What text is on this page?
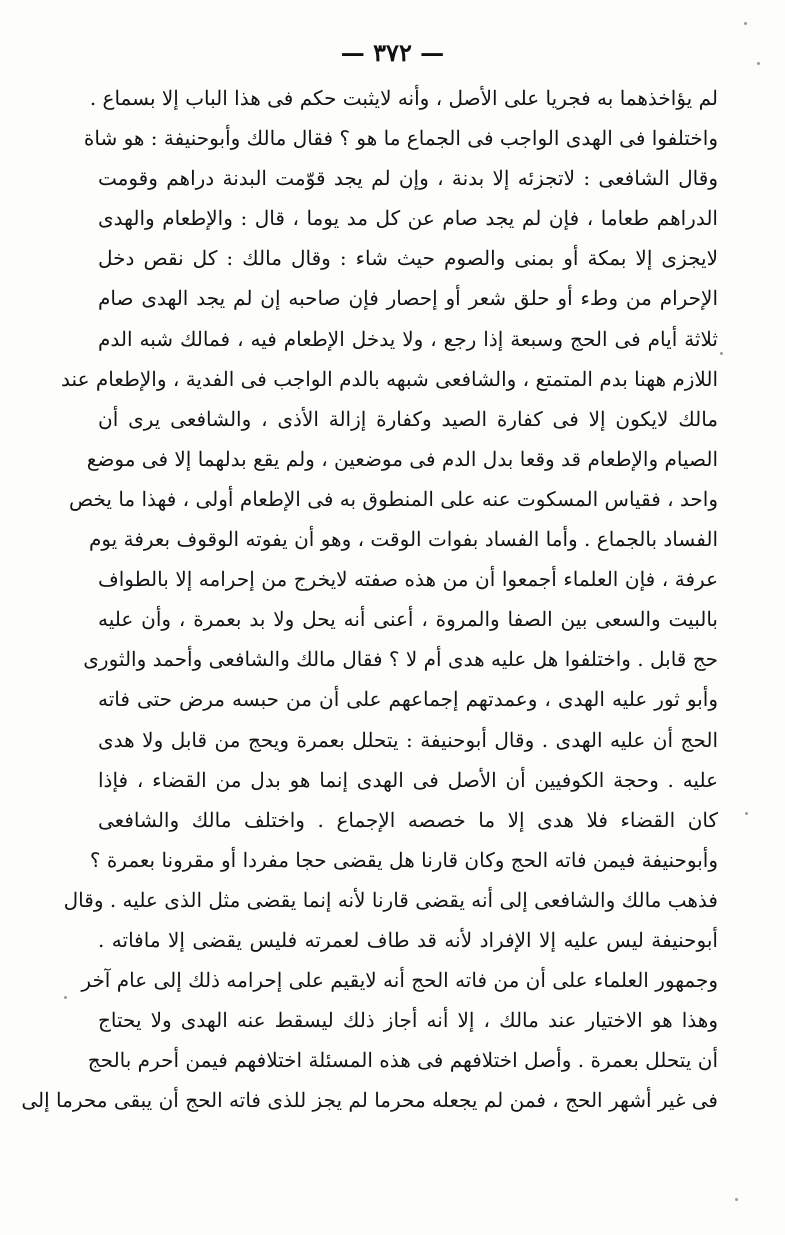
— ٣٧٢ —
لم يؤاخذهما به فجريا على الأصل ، وأنه لايثبت حكم فى هذا الباب إلا بسماع .
واختلفوا فى الهدى الواجب فى الجماع ما هو ؟ فقال مالك وأبوحنيفة : هو شاة
وقال الشافعى : لاتجزئه إلا بدنة ، وإن لم يجد قوّمت البدنة دراهم وقومت
الدراهم طعاما ، فإن لم يجد صام عن كل مد يوما ، قال : والإطعام والهدى
لايجزى إلا بمكة أو بمنى والصوم حيث شاء : وقال مالك : كل نقص دخل
الإحرام من وطء أو حلق شعر أو إحصار فإن صاحبه إن لم يجد الهدى صام
ثلاثة أيام فى الحج وسبعة إذا رجع ، ولا يدخل الإطعام فيه ، فمالك شبه الدم
اللازم ههنا بدم المتمتع ، والشافعى شبهه بالدم الواجب فى الفدية ، والإطعام عند
مالك لايكون إلا فى كفارة الصيد وكفارة إزالة الأذى ، والشافعى يرى أن
الصيام والإطعام قد وقعا بدل الدم فى موضعين ، ولم يقع بدلهما إلا فى موضع
واحد ، فقياس المسكوت عنه على المنطوق به فى الإطعام أولى ، فهذا ما يخص
الفساد بالجماع . وأما الفساد بفوات الوقت ، وهو أن يفوته الوقوف بعرفة يوم
عرفة ، فإن العلماء أجمعوا أن من هذه صفته لايخرج من إحرامه إلا بالطواف
بالبيت والسعى بين الصفا والمروة ، أعنى أنه يحل ولا بد بعمرة ، وأن عليه
حج قابل . واختلفوا هل عليه هدى أم لا ؟ فقال مالك والشافعى وأحمد والثورى
وأبو ثور عليه الهدى ، وعمدتهم إجماعهم على أن من حبسه مرض حتى فاته
الحج أن عليه الهدى . وقال أبوحنيفة : يتحلل بعمرة ويحج من قابل ولا هدى
عليه . وحجة الكوفيين أن الأصل فى الهدى إنما هو بدل من القضاء ، فإذا
كان القضاء فلا هدى إلا ما خصصه الإجماع . واختلف مالك والشافعى
وأبوحنيفة فيمن فاته الحج وكان قارنا هل يقضى حجا مفردا أو مقرونا بعمرة ؟
فذهب مالك والشافعى إلى أنه يقضى قارنا لأنه إنما يقضى مثل الذى عليه . وقال
أبوحنيفة ليس عليه إلا الإفراد لأنه قد طاف لعمرته فليس يقضى إلا مافاته .
وجمهور العلماء على أن من فاته الحج أنه لايقيم على إحرامه ذلك إلى عام آخر
وهذا هو الاختيار عند مالك ، إلا أنه أجاز ذلك ليسقط عنه الهدى ولا يحتاج
أن يتحلل بعمرة . وأصل اختلافهم فى هذه المسئلة اختلافهم فيمن أحرم بالحج
فى غير أشهر الحج ، فمن لم يجعله محرما لم يجز للذى فاته الحج أن يبقى محرما إلى
